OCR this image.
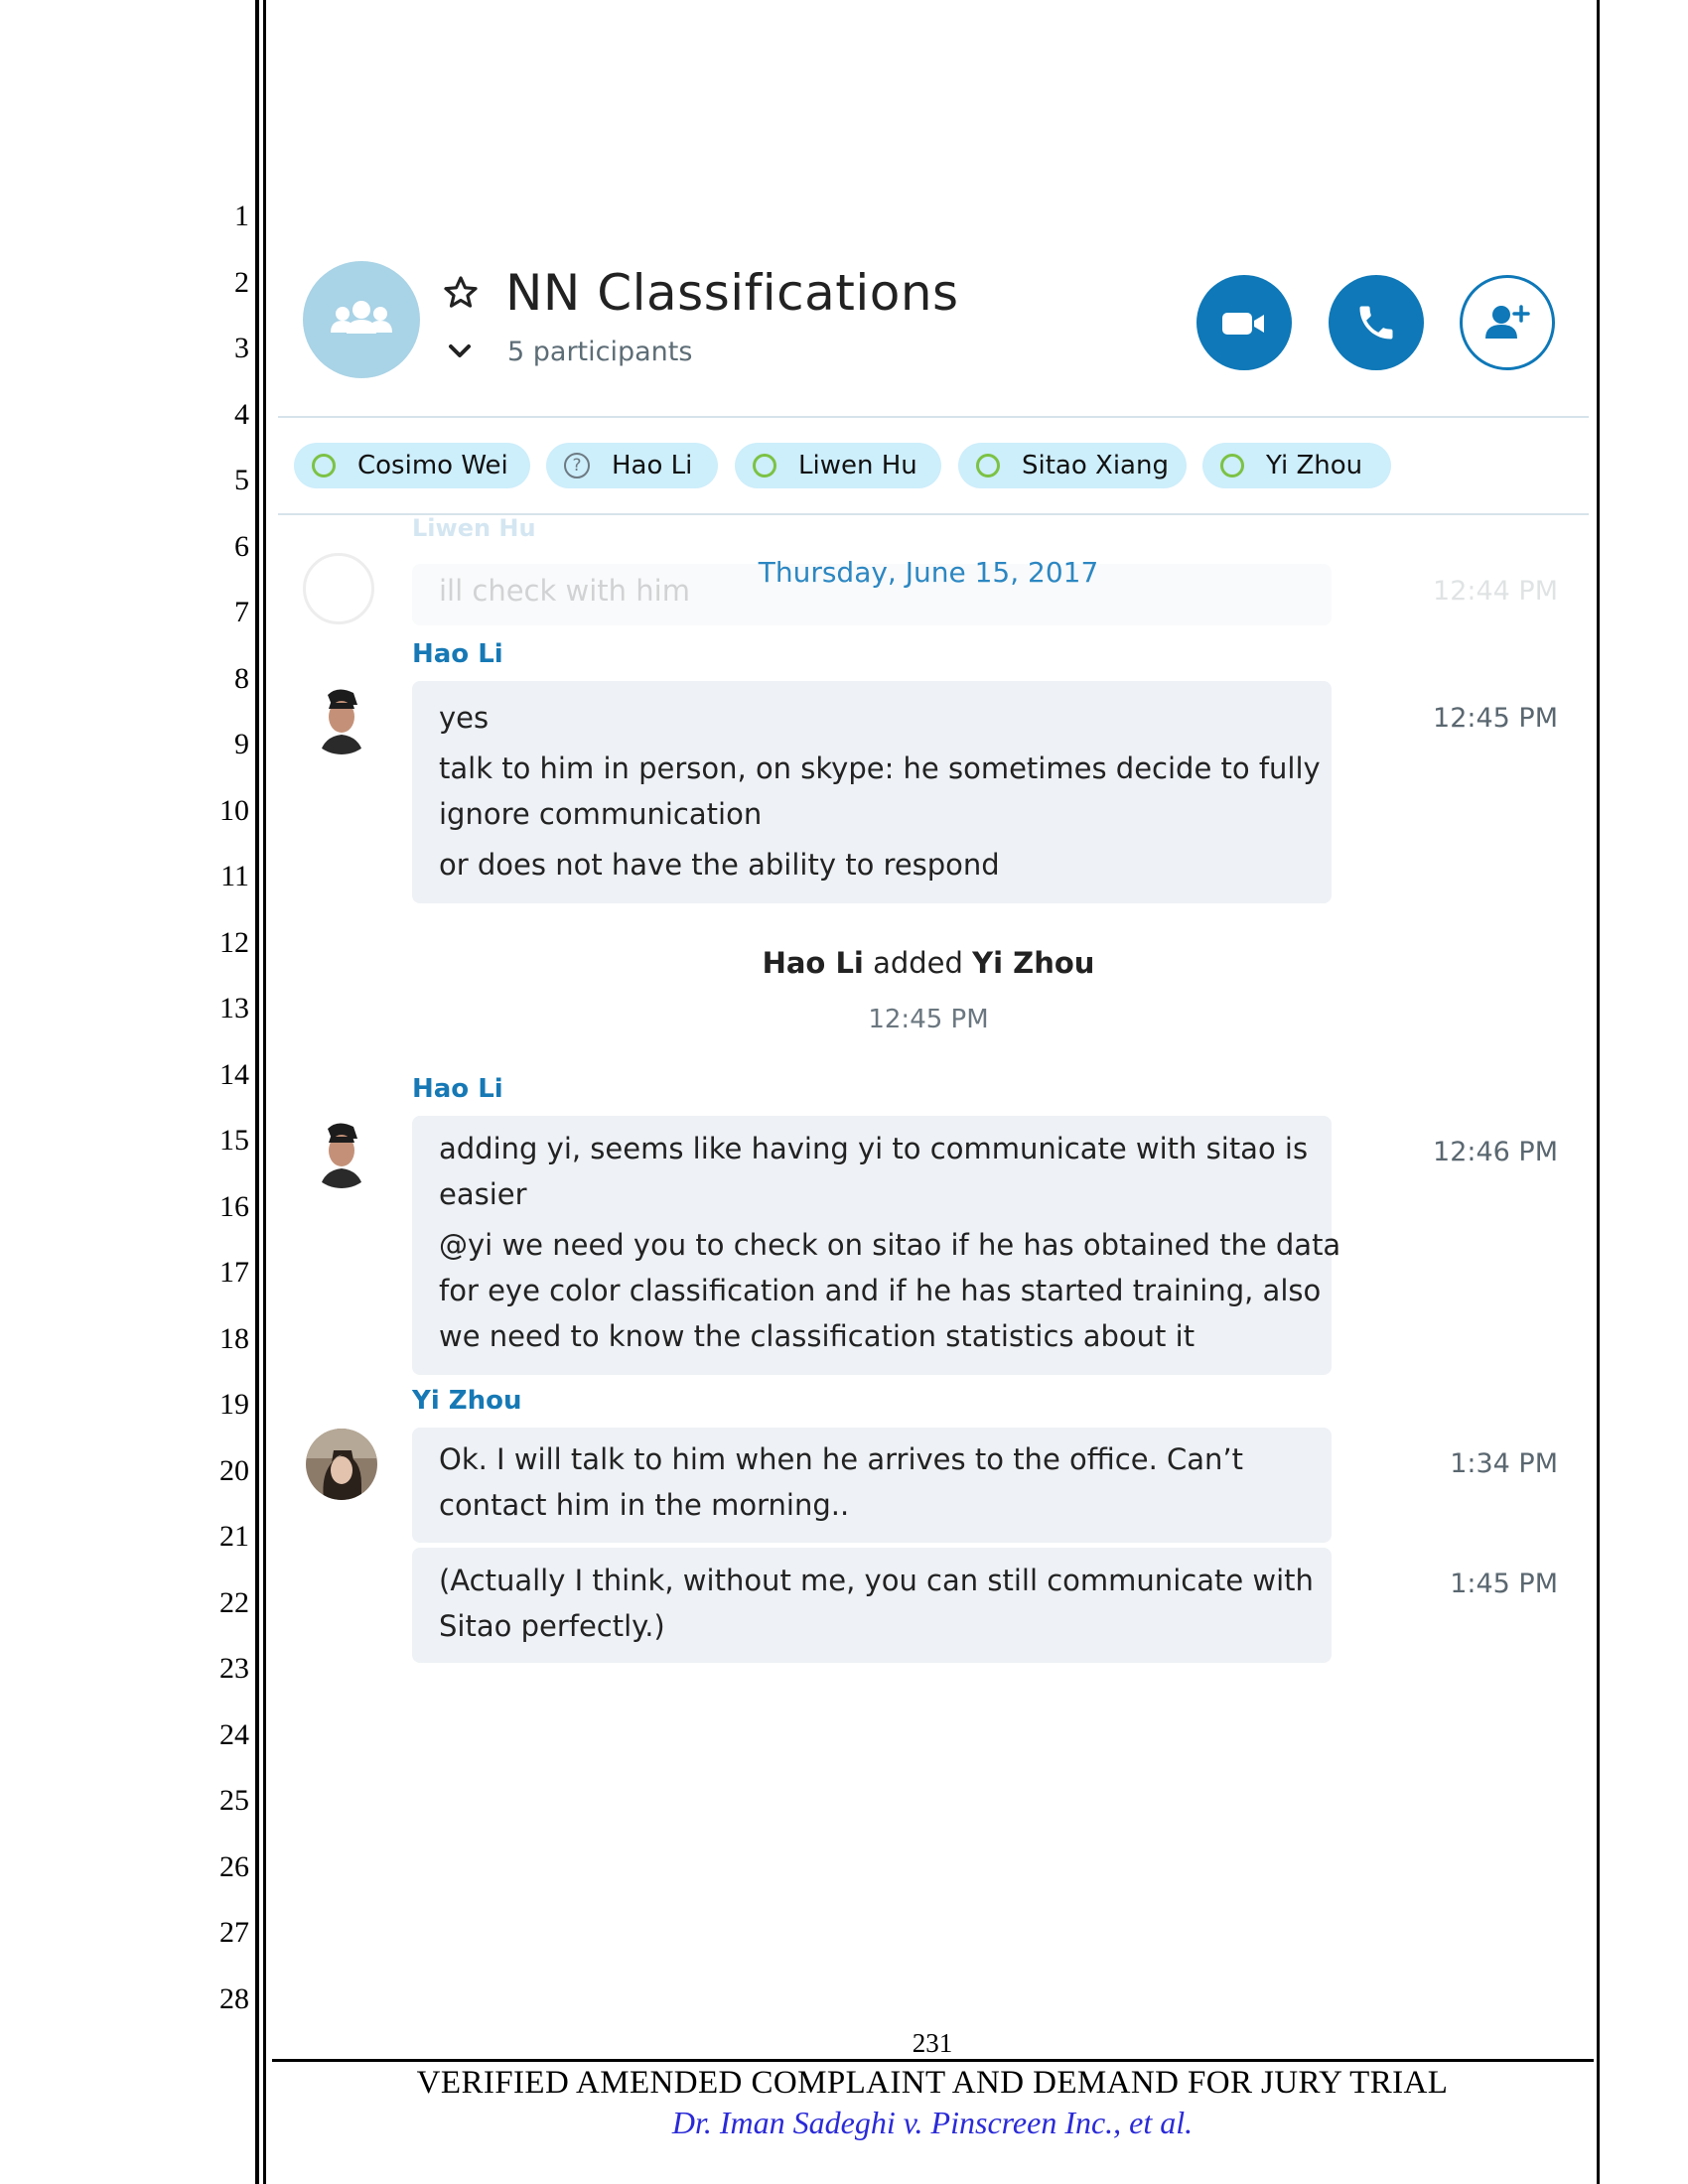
1
2
3
4
5
6
7
8
9
10
11
12
13
14
15
16
17
18
19
20
21
22
23
24
25
26
27
28
NN Classifications
5 participants
Cosimo Wei	?	Hao Li	Liwen Hu	Sitao Xiang	Yi Zhou
Liwen Hu
ill check with him	12:44 PM
Thursday, June 15, 2017
Hao Li
yes
talk to him in person, on skype: he sometimes decide to fully
ignore communication
or does not have the ability to respond
12:45 PM
Hao Li added Yi Zhou
12:45 PM
Hao Li
adding yi, seems like having yi to communicate with sitao is
easier
@yi we need you to check on sitao if he has obtained the data
for eye color classification and if he has started training, also
we need to know the classification statistics about it
12:46 PM
Yi Zhou
Ok. I will talk to him when he arrives to the office. Can’t
contact him in the morning..
1:34 PM
(Actually I think, without me, you can still communicate with
Sitao perfectly.)
1:45 PM
231
VERIFIED AMENDED COMPLAINT AND DEMAND FOR JURY TRIAL
Dr. Iman Sadeghi v. Pinscreen Inc., et al.
